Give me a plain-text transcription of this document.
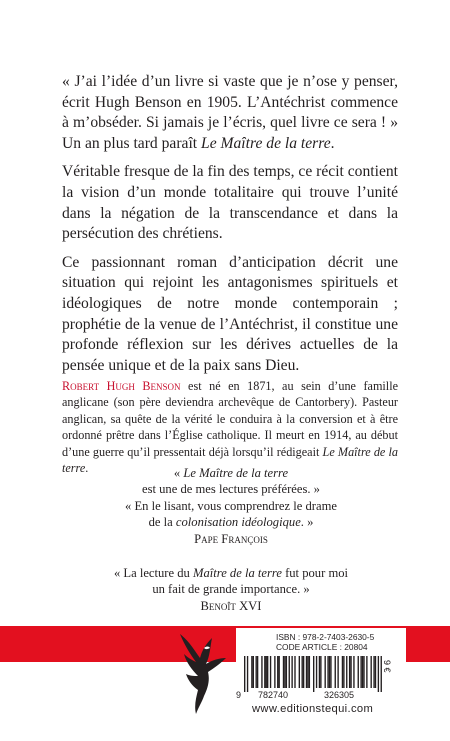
« J’ai l’idée d’un livre si vaste que je n’ose y penser, écrit Hugh Benson en 1905. L’Antéchrist commence à m’obséder. Si jamais je l’écris, quel livre ce sera ! » Un an plus tard paraît Le Maître de la terre.

Véritable fresque de la fin des temps, ce récit contient la vision d’un monde totalitaire qui trouve l’unité dans la négation de la transcendance et dans la persécution des chrétiens.

Ce passionnant roman d’anticipation décrit une situation qui rejoint les antagonismes spirituels et idéologiques de notre monde contemporain ; prophétie de la venue de l’Antéchrist, il constitue une profonde réflexion sur les dérives actuelles de la pensée unique et de la paix sans Dieu.

Robert Hugh Benson est né en 1871, au sein d’une famille anglicane (son père deviendra archevêque de Cantorbery). Pasteur anglican, sa quête de la vérité le conduira à la conversion et à être ordonné prêtre dans l’Église catholique. Il meurt en 1914, au début d’une guerre qu’il pressentait déjà lorsqu’il rédigeait Le Maître de la terre.	« Le Maître de la terre
est une de mes lectures préférées. »
« En le lisant, vous comprendrez le drame
de la colonisation idéologique. »
Pape François

« La lecture du Maître de la terre fut pour moi
un fait de grande importance. »
Benoît XVI

ISBN : 978-2-7403-2630-5
CODE ARTICLE : 20804
9 782740	326305
9 €
www.editionstequi.com
